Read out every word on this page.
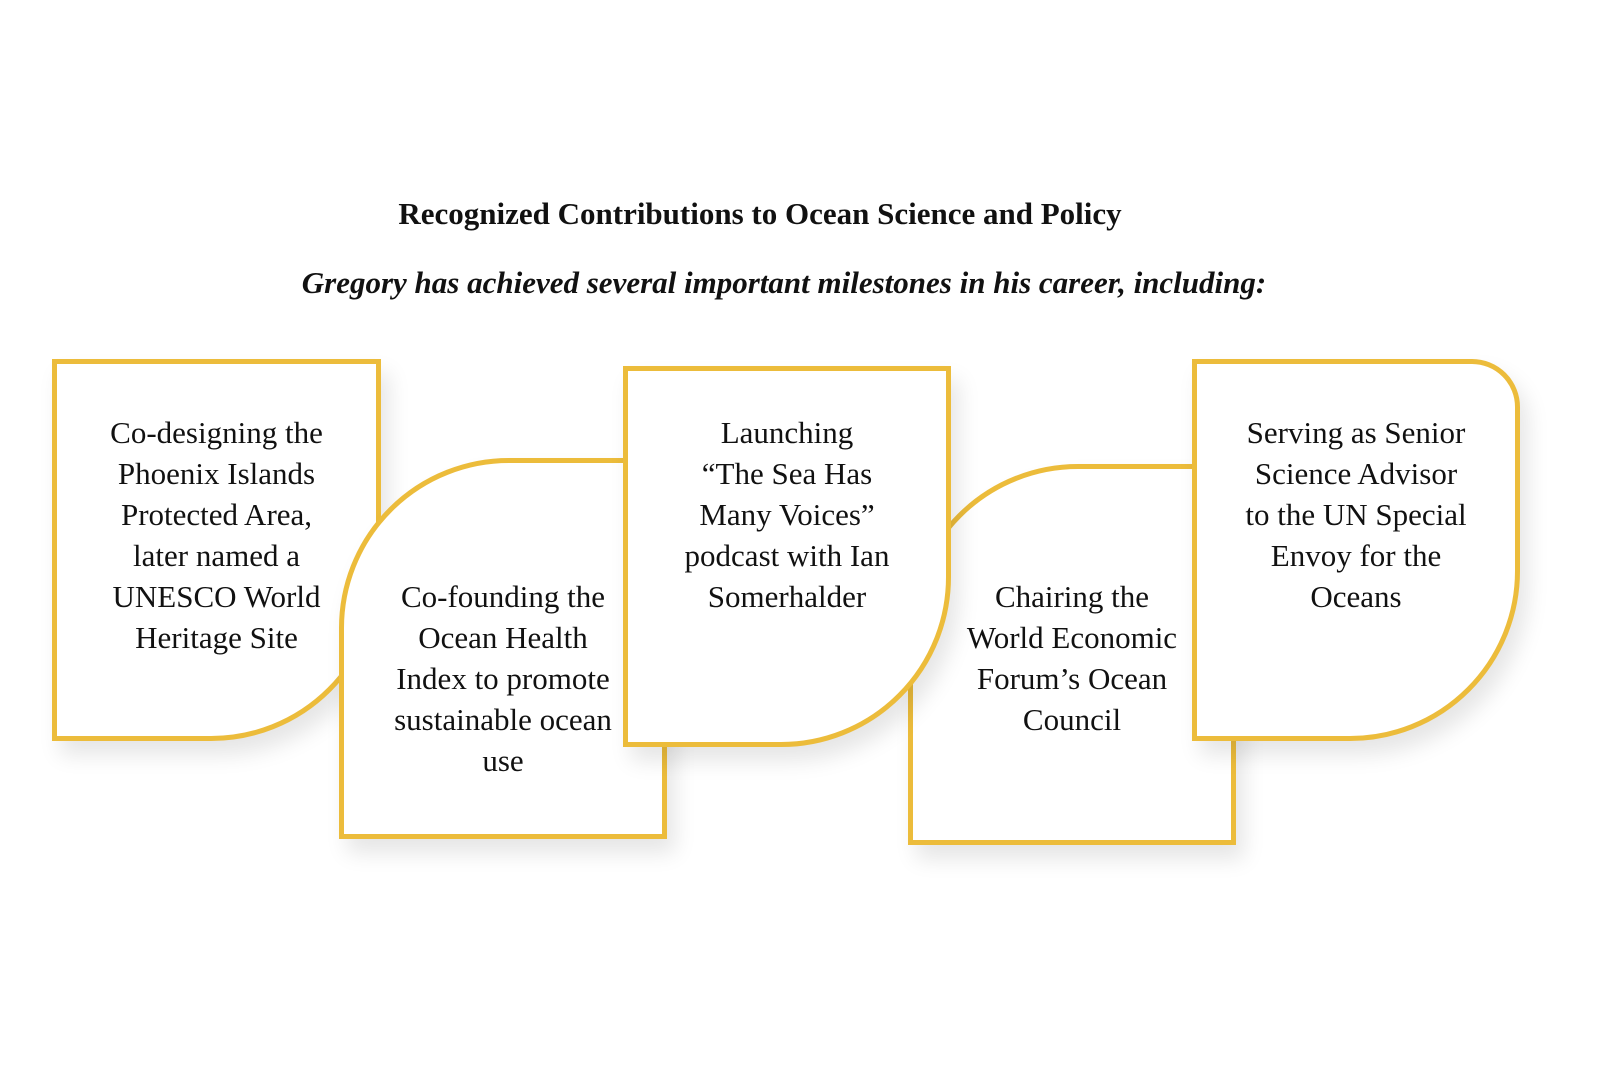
Recognized Contributions to Ocean Science and Policy
Gregory has achieved several important milestones in his career, including:
Co-designing the
Phoenix Islands
Protected Area,
later named a
UNESCO World
Heritage Site
Co-founding the
Ocean Health
Index to promote
sustainable ocean
use
Launching
“The Sea Has
Many Voices”
podcast with Ian
Somerhalder	Chairing the
World Economic
Forum’s Ocean
Council
Serving as Senior
Science Advisor
to the UN Special
Envoy for the
Oceans
